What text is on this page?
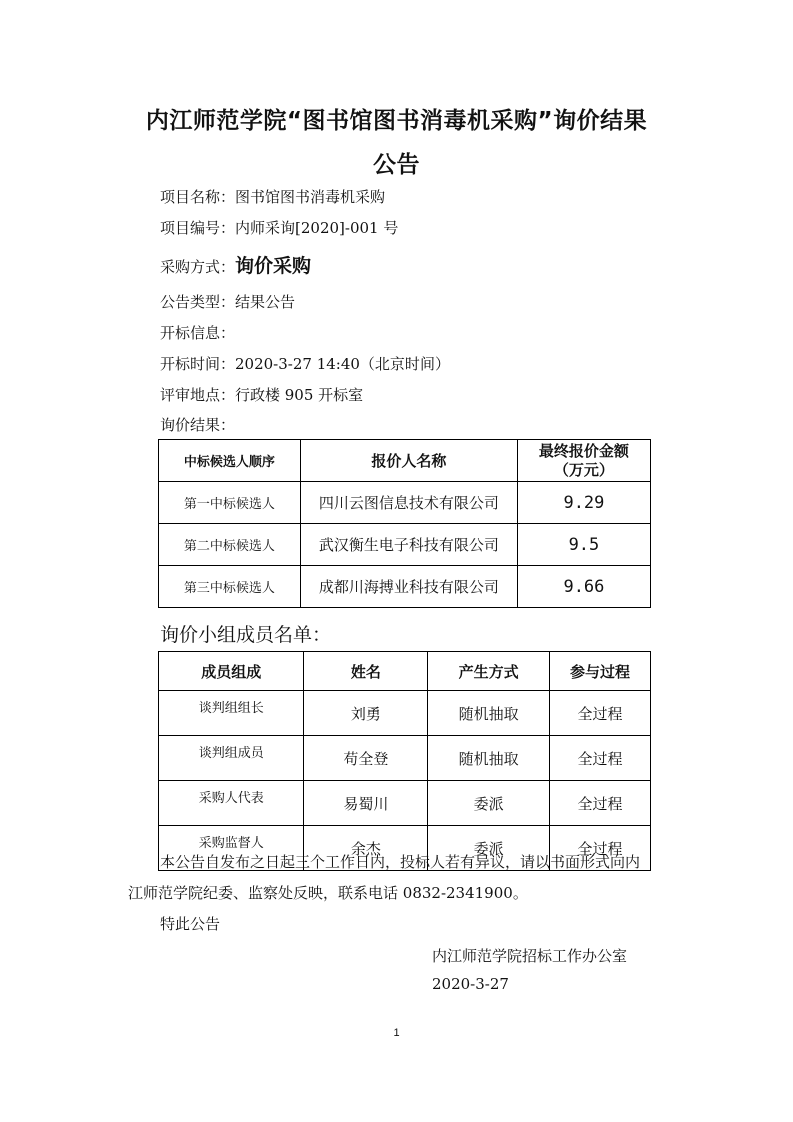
内江师范学院“图书馆图书消毒机采购”询价结果
公告
项目名称：图书馆图书消毒机采购
项目编号：内师采询[2020]-001 号
采购方式：询价采购
公告类型：结果公告
开标信息：
开标时间：2020-3-27 14:40（北京时间）
评审地点：行政楼 905 开标室
询价结果：
中标候选人顺序	报价人名称	最终报价金额
（万元）

第一中标候选人	四川云图信息技术有限公司	9.29
第二中标候选人	武汉衡生电子科技有限公司	9.5
第三中标候选人	成都川海搏业科技有限公司	9.66
询价小组成员名单：
成员组成	姓名	产生方式	参与过程
谈判组组长	刘勇	随机抽取	全过程
谈判组成员	苟全登	随机抽取	全过程
采购人代表	易蜀川	委派	全过程
采购监督人	余杰	委派	全过程
本公告自发布之日起三个工作日内，投标人若有异议，请以书面形式向内
江师范学院纪委、监察处反映，联系电话 0832-2341900。
特此公告
内江师范学院招标工作办公室
2020-3-27
1
